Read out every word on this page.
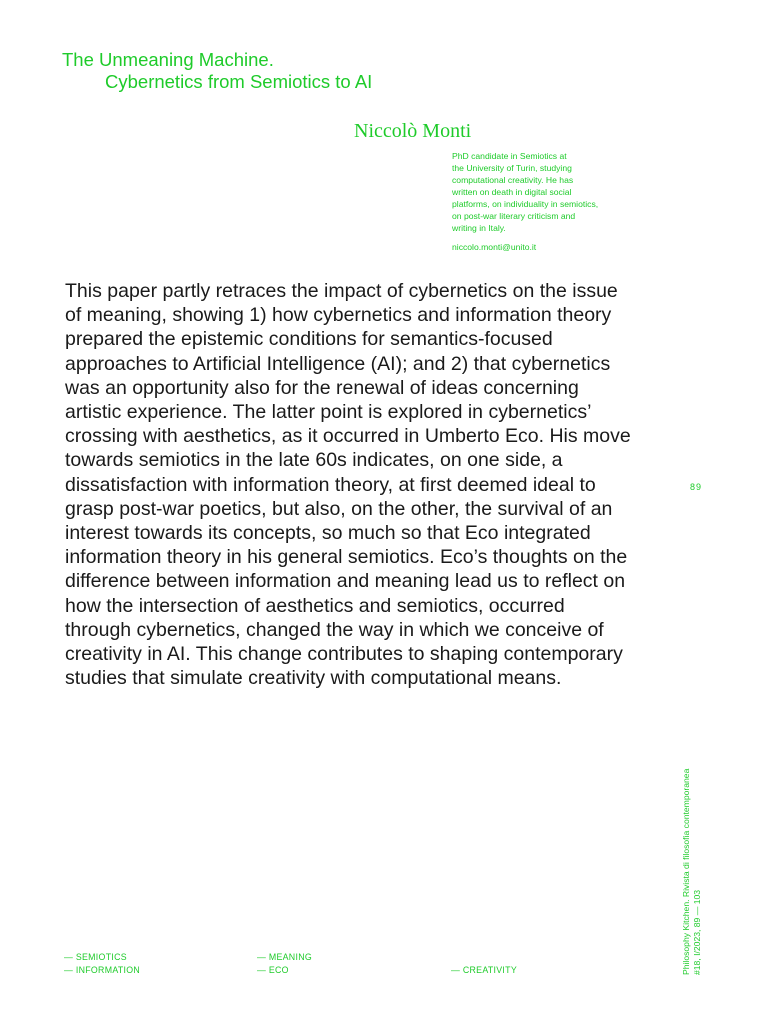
The Unmeaning Machine.
Cybernetics from Semiotics to AI
Niccolò Monti

PhD candidate in Semiotics at

the University of Turin, studying

computational creativity. He has

written on death in digital social

platforms, on individuality in semiotics,

on post-war literary criticism and

writing in Italy.

niccolo.monti@unito.it

This paper partly retraces the impact of cybernetics on the issue of meaning, showing 1) how cybernetics and information theory prepared the epistemic conditions for semantics-focused approaches to Artificial Intelligence (AI); and 2) that cybernetics was an opportunity also for the renewal of ideas concerning artistic experience. The latter point is explored in cybernetics’ crossing with aesthetics, as it occurred in Umberto Eco. His move towards semiotics in the late 60s indicates, on one side, a dissatisfaction with information theory, at first deemed ideal to grasp post-war poetics, but also, on the other, the survival of an interest towards its concepts, so much so that Eco integrated information theory in his general semiotics. Eco’s thoughts on the difference between information and meaning lead us to reflect on how the intersection of aesthetics and semiotics, occurred through cybernetics, changed the way in which we conceive of creativity in AI. This change contributes to shaping contemporary studies that simulate creativity with computational means.

89
Philosophy Kitchen. Rivista di filosofia contemporanea #18, I/2023, 89 — 103
— SEMIOTICS
— INFORMATION
— MEANING
— ECO	— CREATIVITY
